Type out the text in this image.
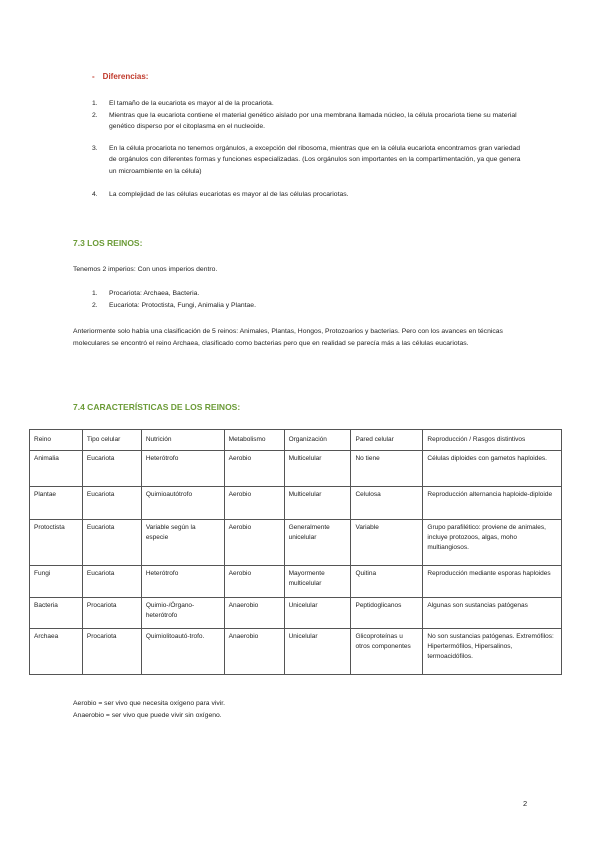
- Diferencias:
1. El tamaño de la eucariota es mayor al de la procariota.
2. Mientras que la eucariota contiene el material genético aislado por una membrana llamada núcleo, la célula procariota tiene su material genético disperso por el citoplasma en el nucleoide.
3. En la célula procariota no tenemos orgánulos, a excepción del ribosoma, mientras que en la célula eucariota encontramos gran variedad de orgánulos con diferentes formas y funciones especializadas. (Los orgánulos son importantes en la compartimentación, ya que genera un microambiente en la célula)
4. La complejidad de las células eucariotas es mayor al de las células procariotas.
7.3 LOS REINOS:
Tenemos 2 imperios: Con unos imperios dentro.
1. Procariota: Archaea, Bacteria.
2. Eucariota: Protoctista, Fungi, Animalia y Plantae.
Anteriormente solo había una clasificación de 5 reinos: Animales, Plantas, Hongos, Protozoarios y bacterias. Pero con los avances en técnicas moleculares se encontró el reino Archaea, clasificado como bacterias pero que en realidad se parecía más a las células eucariotas.
7.4 CARACTERÍSTICAS DE LOS REINOS:
Reino	Tipo celular	Nutrición	Metabolismo	Organización	Pared celular	Reproducción / Rasgos distintivos
Animalia	Eucariota	Heterótrofo	Aerobio	Multicelular	No tiene	Células diploides con gametos haploides.
Plantae	Eucariota	Quimioautótrofo	Aerobio	Multicelular	Celulosa	Reproducción alternancia haploide-diploide
Protoctista	Eucariota	Variable según la especie	Aerobio	Generalmente unicelular	Variable	Grupo parafilético: proviene de animales, incluye protozoos, algas, moho multiangiosos.
Fungi	Eucariota	Heterótrofo	Aerobio	Mayormente multicelular	Quitina	Reproducción mediante esporas haploides
Bacteria	Procariota	Quimio-/Órgano-heterótrofo	Anaerobio	Unicelular	Peptidoglicanos	Algunas son sustancias patógenas
Archaea	Procariota	Quimiolitoautó-trofo.	Anaerobio	Unicelular	Glicoproteínas u otros componentes	No son sustancias patógenas. Extremófilos: Hipertermófilos, Hipersalinos, termoacidófilos.
Aerobio = ser vivo que necesita oxígeno para vivir.
Anaerobio = ser vivo que puede vivir sin oxígeno.
2
